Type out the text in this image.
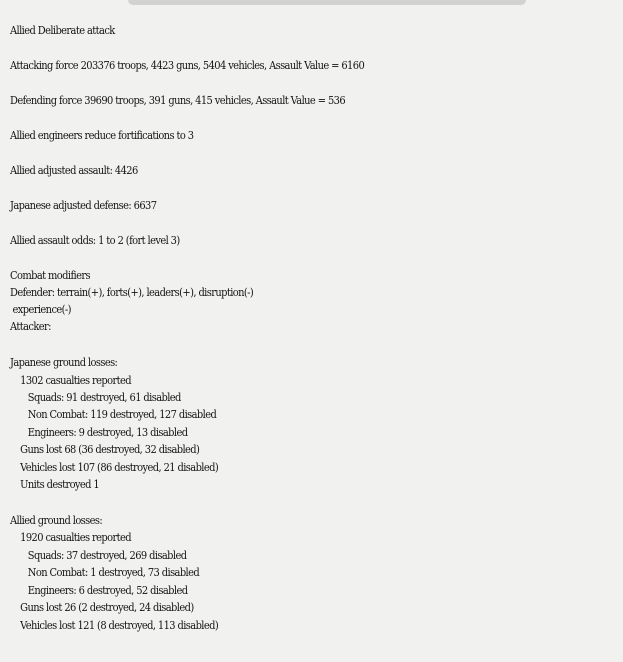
Allied Deliberate attack
Attacking force 203376 troops, 4423 guns, 5404 vehicles, Assault Value = 6160
Defending force 39690 troops, 391 guns, 415 vehicles, Assault Value = 536
Allied engineers reduce fortifications to 3
Allied adjusted assault: 4426
Japanese adjusted defense: 6637
Allied assault odds: 1 to 2 (fort level 3)
Combat modifiers
Defender: terrain(+), forts(+), leaders(+), disruption(-)
experience(-)
Attacker:
Japanese ground losses:
1302 casualties reported
Squads: 91 destroyed, 61 disabled
Non Combat: 119 destroyed, 127 disabled
Engineers: 9 destroyed, 13 disabled
Guns lost 68 (36 destroyed, 32 disabled)
Vehicles lost 107 (86 destroyed, 21 disabled)
Units destroyed 1
Allied ground losses:
1920 casualties reported
Squads: 37 destroyed, 269 disabled
Non Combat: 1 destroyed, 73 disabled
Engineers: 6 destroyed, 52 disabled
Guns lost 26 (2 destroyed, 24 disabled)
Vehicles lost 121 (8 destroyed, 113 disabled)
